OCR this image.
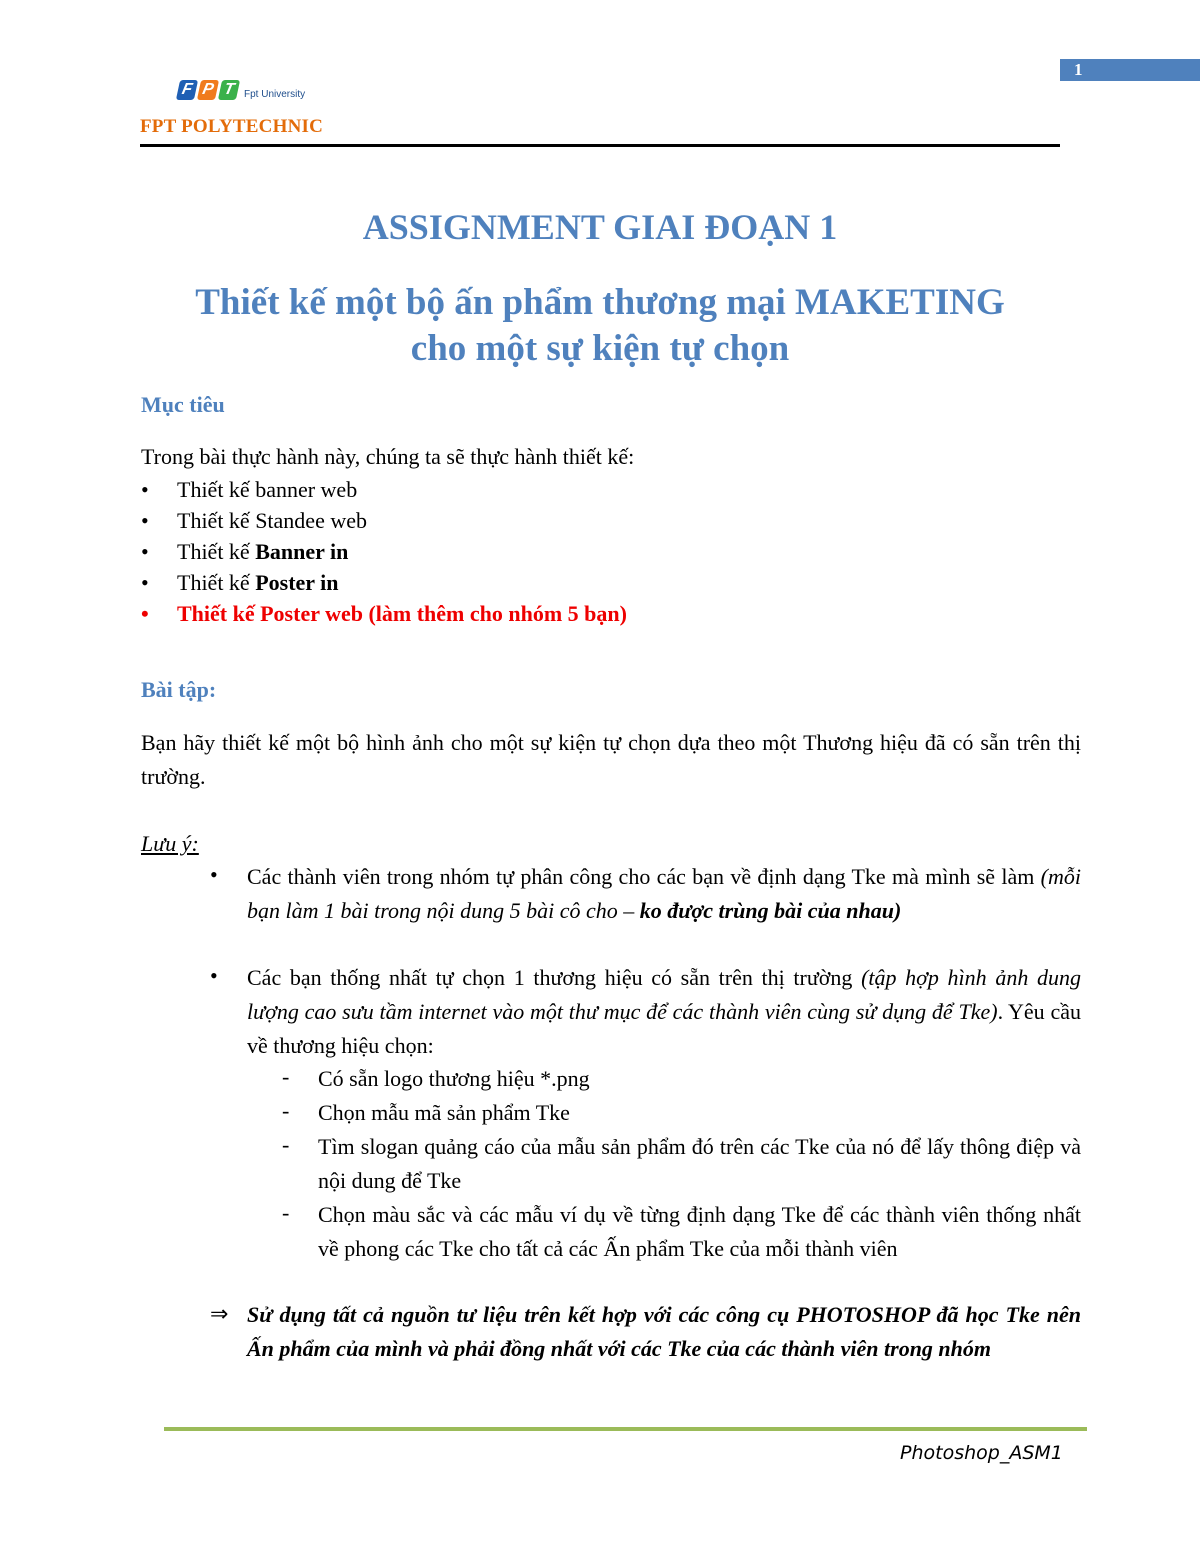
1
F P T Fpt University
FPT POLYTECHNIC
ASSIGNMENT GIAI ĐOẠN 1
Thiết kế một bộ ấn phẩm thương mại MAKETING
cho một sự kiện tự chọn
Mục tiêu
Trong bài thực hành này, chúng ta sẽ thực hành thiết kế:
• Thiết kế banner web
• Thiết kế Standee web
• Thiết kế Banner in
• Thiết kế Poster in
• Thiết kế Poster web (làm thêm cho nhóm 5 bạn)
Bài tập:
Bạn hãy thiết kế một bộ hình ảnh cho một sự kiện tự chọn dựa theo một Thương hiệu đã có sẵn trên thị trường.
Lưu ý:
• Các thành viên trong nhóm tự phân công cho các bạn về định dạng Tke mà mình sẽ làm (mỗi bạn làm 1 bài trong nội dung 5 bài cô cho – ko được trùng bài của nhau)
• Các bạn thống nhất tự chọn 1 thương hiệu có sẵn trên thị trường (tập hợp hình ảnh dung lượng cao sưu tầm internet vào một thư mục để các thành viên cùng sử dụng để Tke). Yêu cầu về thương hiệu chọn:
- Có sẵn logo thương hiệu *.png
- Chọn mẫu mã sản phẩm Tke
- Tìm slogan quảng cáo của mẫu sản phẩm đó trên các Tke của nó để lấy thông điệp và nội dung để Tke
- Chọn màu sắc và các mẫu ví dụ về từng định dạng Tke để các thành viên thống nhất về phong các Tke cho tất cả các Ấn phẩm Tke của mỗi thành viên
⇒ Sử dụng tất cả nguồn tư liệu trên kết hợp với các công cụ PHOTOSHOP đã học Tke nên Ấn phẩm của mình và phải đồng nhất với các Tke của các thành viên trong nhóm
Photoshop_ASM1
